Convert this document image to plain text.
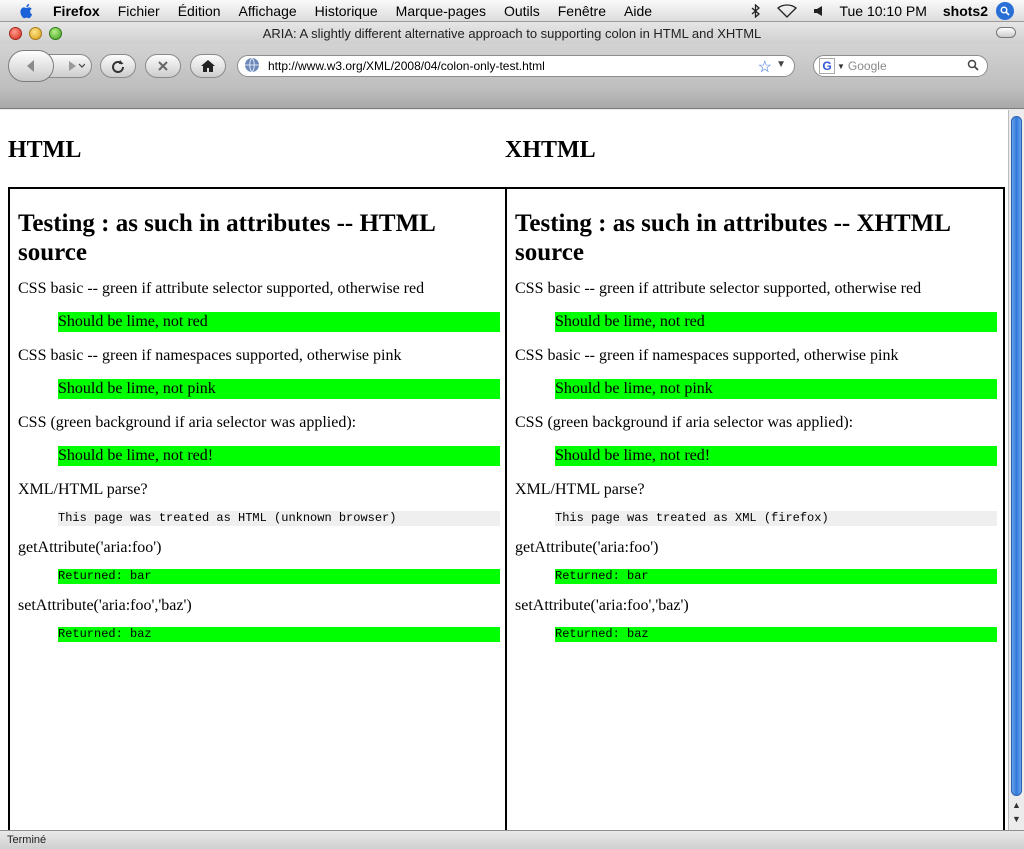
Firefox	Fichier	Édition	Affichage	Historique	Marque-pages	Outils	Fenêtre	Aide	Tue 10:10 PM shots2
ARIA: A slightly different alternative approach to supporting colon in HTML and XHTML
http://www.w3.org/XML/2008/04/colon-only-test.html	☆ ▼	G ▼ Google
HTML	XHTML
Testing : as such in attributes -- HTML source

CSS basic -- green if attribute selector supported, otherwise red

Should be lime, not red

CSS basic -- green if namespaces supported, otherwise pink

Should be lime, not pink

CSS (green background if aria selector was applied):

Should be lime, not red!

XML/HTML parse?

This page was treated as HTML (unknown browser)

getAttribute('aria:foo')

Returned: bar

setAttribute('aria:foo','baz')

Returned: baz
Testing : as such in attributes -- XHTML source

CSS basic -- green if attribute selector supported, otherwise red

Should be lime, not red

CSS basic -- green if namespaces supported, otherwise pink

Should be lime, not pink

CSS (green background if aria selector was applied):

Should be lime, not red!

XML/HTML parse?

This page was treated as XML (firefox)

getAttribute('aria:foo')

Returned: bar

setAttribute('aria:foo','baz')

Returned: baz
▲
▼
Terminé
